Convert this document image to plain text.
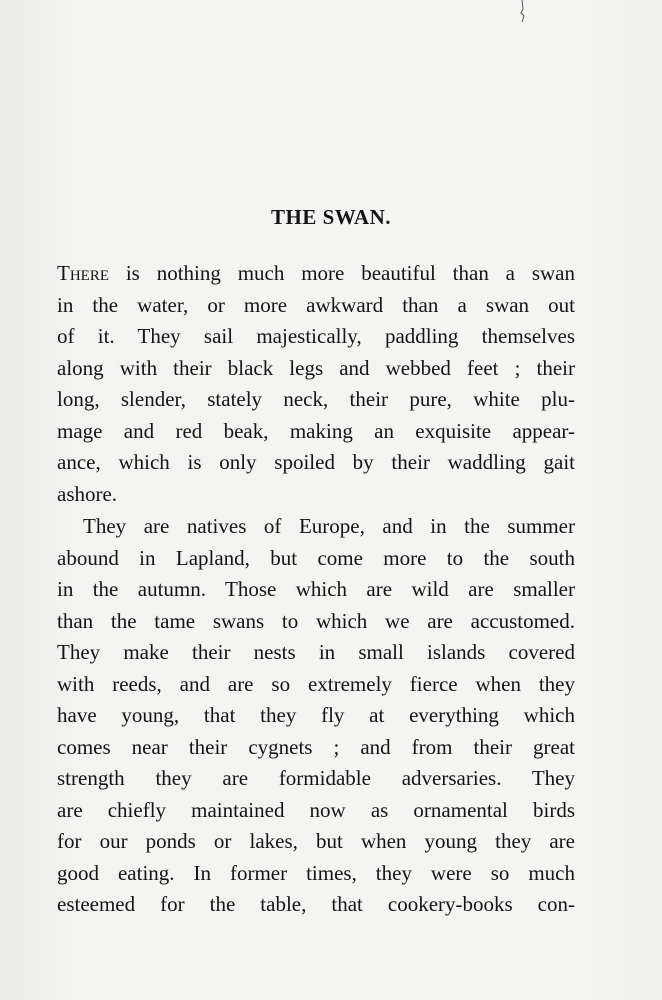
THE SWAN.
There is nothing much more beautiful than a swan
in the water, or more awkward than a swan out
of it. They sail majestically, paddling themselves
along with their black legs and webbed feet ; their
long, slender, stately neck, their pure, white plu-
mage and red beak, making an exquisite appear-
ance, which is only spoiled by their waddling gait
ashore.
They are natives of Europe, and in the summer
abound in Lapland, but come more to the south
in the autumn. Those which are wild are smaller
than the tame swans to which we are accustomed.
They make their nests in small islands covered
with reeds, and are so extremely fierce when they
have young, that they fly at everything which
comes near their cygnets ; and from their great
strength they are formidable adversaries. They
are chiefly maintained now as ornamental birds
for our ponds or lakes, but when young they are
good eating. In former times, they were so much
esteemed for the table, that cookery-books con-
